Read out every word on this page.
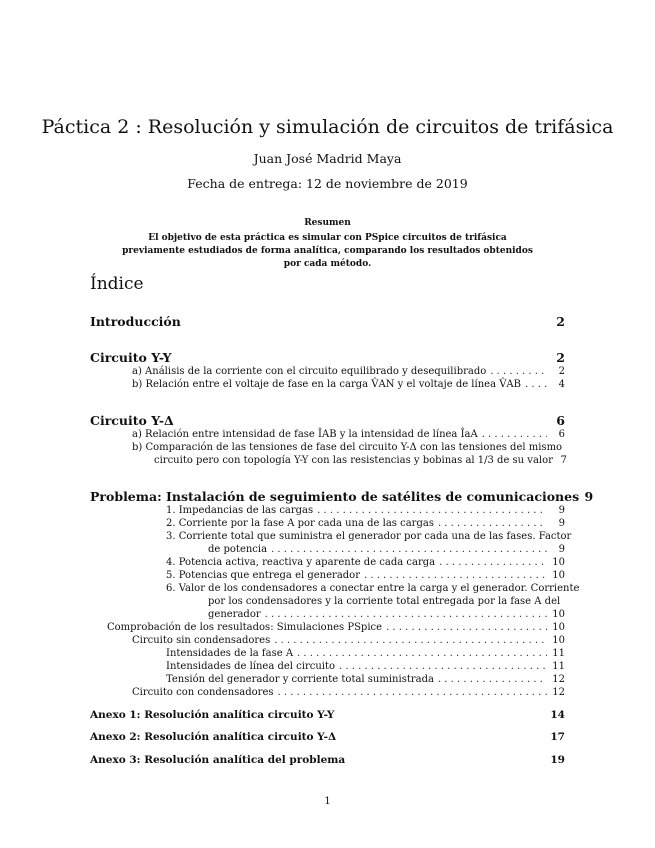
Páctica 2 : Resolución y simulación de circuitos de trifásica
Juan José Madrid Maya
Fecha de entrega: 12 de noviembre de 2019
Resumen
El objetivo de esta práctica es simular con PSpice circuitos de trifásica previamente estudiados de forma analítica, comparando los resultados obtenidos por cada método.
Índice
Introducción	2
Circuito Y-Y	2
a) Análisis de la corriente con el circuito equilibrado y desequilibrado . . .	2
b) Relación entre el voltaje de fase en la carga V̂AN y el voltaje de línea V̂AB . . .	4
Circuito Y-Δ	6
a) Relación entre intensidad de fase ÎAB y la intensidad de línea ÎaA . . .	6
b) Comparación de las tensiones de fase del circuito Y-Δ con las tensiones del mismo
circuito pero con topología Y-Y con las resistencias y bobinas al 1/3 de su valor 7
Problema: Instalación de seguimiento de satélites de comunicaciones 9
1. Impedancias de las cargas . . .	9
2. Corriente por la fase A por cada una de las cargas . . .	9
3. Corriente total que suministra el generador por cada una de las fases. Factor
de potencia . . .	9
4. Potencia activa, reactiva y aparente de cada carga . . .	10
5. Potencias que entrega el generador . . .	10
6. Valor de los condensadores a conectar entre la carga y el generador. Corriente
por los condensadores y la corriente total entregada por la fase A del
generador . . .	10
Comprobación de los resultados: Simulaciones PSpice . . .	10
Circuito sin condensadores . . .	10
Intensidades de la fase A . . .	11
Intensidades de línea del circuito . . .	11
Tensión del generador y corriente total suministrada . . .	12
Circuito con condensadores . . .	12
Anexo 1: Resolución analítica circuito Y-Y	14
Anexo 2: Resolución analítica circuito Y-Δ	17
Anexo 3: Resolución analítica del problema	19
1
